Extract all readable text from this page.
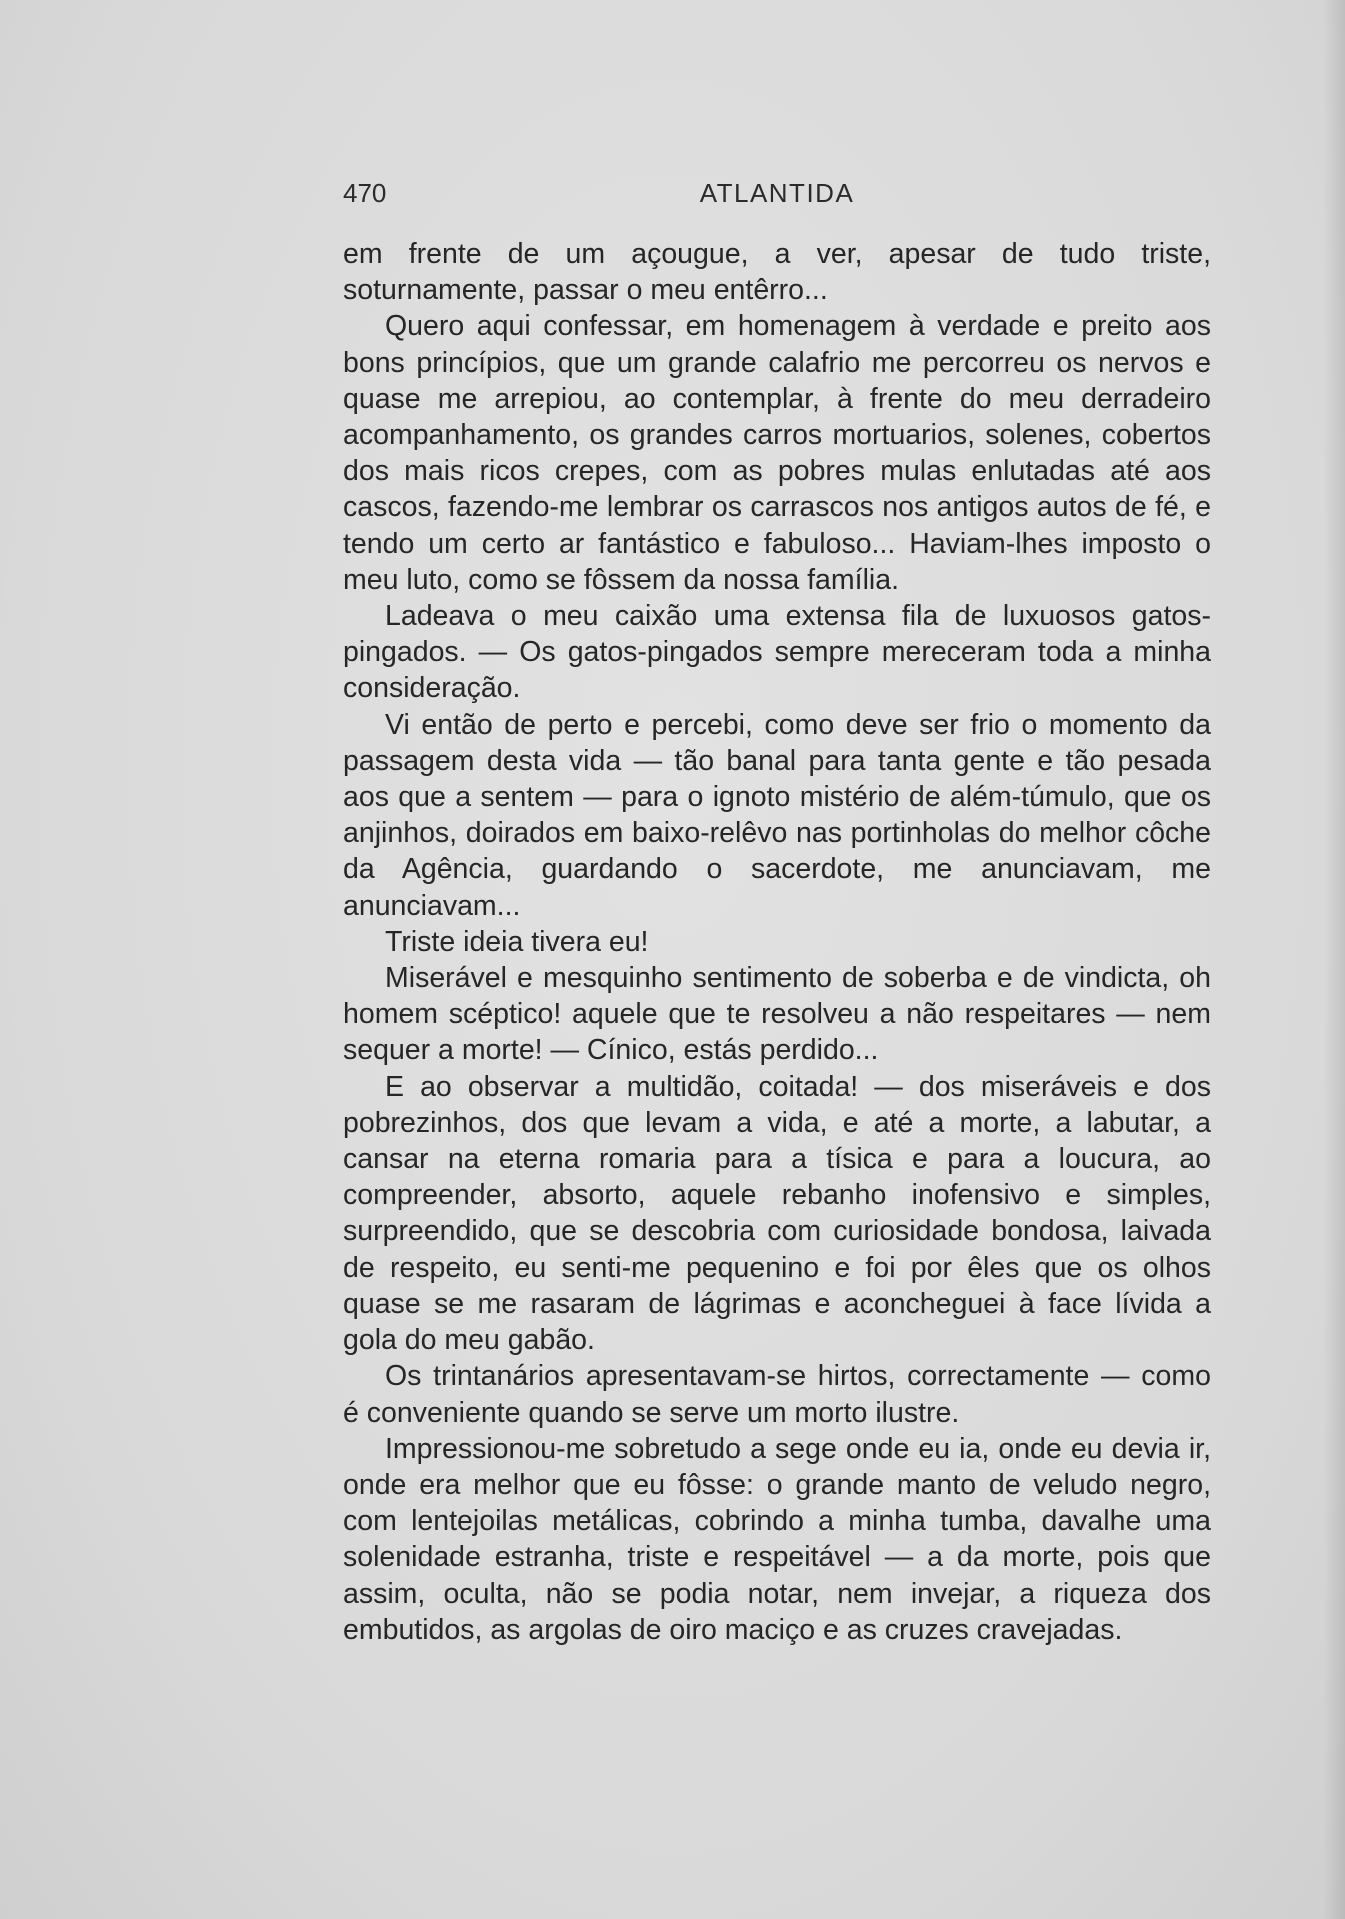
470	ATLANTIDA

em frente de um açougue, a ver, apesar de tudo triste, soturnamente, passar o meu entêrro...

Quero aqui confessar, em homenagem à verdade e preito aos bons princípios, que um grande calafrio me percorreu os nervos e quase me arrepiou, ao contemplar, à frente do meu derradeiro acompanhamento, os grandes carros mortuarios, solenes, cobertos dos mais ricos crepes, com as pobres mulas enlutadas até aos cascos, fazendo-me lembrar os carrascos nos antigos autos de fé, e tendo um certo ar fantástico e fabuloso... Haviam-lhes imposto o meu luto, como se fôssem da nossa família.

Ladeava o meu caixão uma extensa fila de luxuosos gatos-pingados. — Os gatos-pingados sempre mereceram toda a minha consideração.

Vi então de perto e percebi, como deve ser frio o momento da passagem desta vida — tão banal para tanta gente e tão pesada aos que a sentem — para o ignoto mistério de além-túmulo, que os anjinhos, doirados em baixo-relêvo nas portinholas do melhor côche da Agência, guardando o sacerdote, me anunciavam, me anunciavam...

Triste ideia tivera eu!

Miserável e mesquinho sentimento de soberba e de vindicta, oh homem scéptico! aquele que te resolveu a não respeitares — nem sequer a morte! — Cínico, estás perdido...

E ao observar a multidão, coitada! — dos miseráveis e dos pobrezinhos, dos que levam a vida, e até a morte, a labutar, a cansar na eterna romaria para a tísica e para a loucura, ao compreender, absorto, aquele rebanho inofensivo e simples, surpreendido, que se descobria com curiosidade bondosa, laivada de respeito, eu senti-me pequenino e foi por êles que os olhos quase se me rasaram de lágrimas e aconcheguei à face lívida a gola do meu gabão.

Os trintanários apresentavam-se hirtos, correctamente — como é conveniente quando se serve um morto ilustre.

Impressionou-me sobretudo a sege onde eu ia, onde eu devia ir, onde era melhor que eu fôsse: o grande manto de veludo negro, com lentejoilas metálicas, cobrindo a minha tumba, davalhe uma solenidade estranha, triste e respeitável — a da morte, pois que assim, oculta, não se podia notar, nem invejar, a riqueza dos embutidos, as argolas de oiro maciço e as cruzes cravejadas.
